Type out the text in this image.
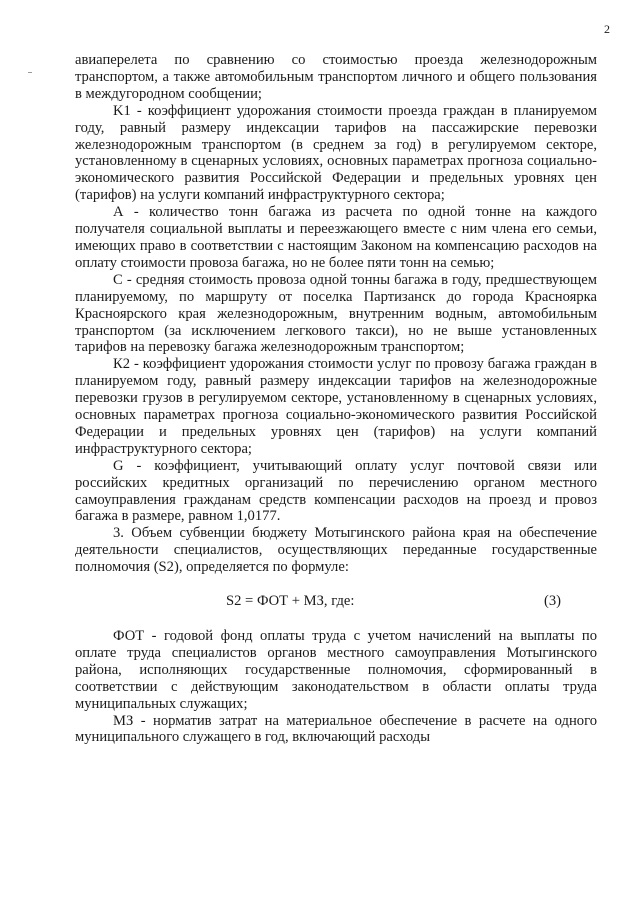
2

авиаперелета по сравнению со стоимостью проезда железнодорожным транспортом, а также автомобильным транспортом личного и общего пользования в междугородном сообщении;

K1 - коэффициент удорожания стоимости проезда граждан в планируемом году, равный размеру индексации тарифов на пассажирские перевозки железнодорожным транспортом (в среднем за год) в регулируемом секторе, установленному в сценарных условиях, основных параметрах прогноза социально-экономического развития Российской Федерации и предельных уровнях цен (тарифов) на услуги компаний инфраструктурного сектора;

А - количество тонн багажа из расчета по одной тонне на каждого получателя социальной выплаты и переезжающего вместе с ним члена его семьи, имеющих право в соответствии с настоящим Законом на компенсацию расходов на оплату стоимости провоза багажа, но не более пяти тонн на семью;

С - средняя стоимость провоза одной тонны багажа в году, предшествующем планируемому, по маршруту от поселка Партизанск до города Красноярка Красноярского края железнодорожным, внутренним водным, автомобильным транспортом (за исключением легкового такси), но не выше установленных тарифов на перевозку багажа железнодорожным транспортом;

К2 - коэффициент удорожания стоимости услуг по провозу багажа граждан в планируемом году, равный размеру индексации тарифов на железнодорожные перевозки грузов в регулируемом секторе, установленному в сценарных условиях, основных параметрах прогноза социально-экономического развития Российской Федерации и предельных уровнях цен (тарифов) на услуги компаний инфраструктурного сектора;

G - коэффициент, учитывающий оплату услуг почтовой связи или российских кредитных организаций по перечислению органом местного самоуправления гражданам средств компенсации расходов на проезд и провоз багажа в размере, равном 1,0177.

3. Объем субвенции бюджету Мотыгинского района края на обеспечение деятельности специалистов, осуществляющих переданные государственные полномочия (S2), определяется по формуле:

S2 = ФОТ + МЗ, где:	(3)

ФОТ - годовой фонд оплаты труда с учетом начислений на выплаты по оплате труда специалистов органов местного самоуправления Мотыгинского района, исполняющих государственные полномочия, сформированный в соответствии с действующим законодательством в области оплаты труда муниципальных служащих;

МЗ - норматив затрат на материальное обеспечение в расчете на одного муниципального служащего в год, включающий расходы
